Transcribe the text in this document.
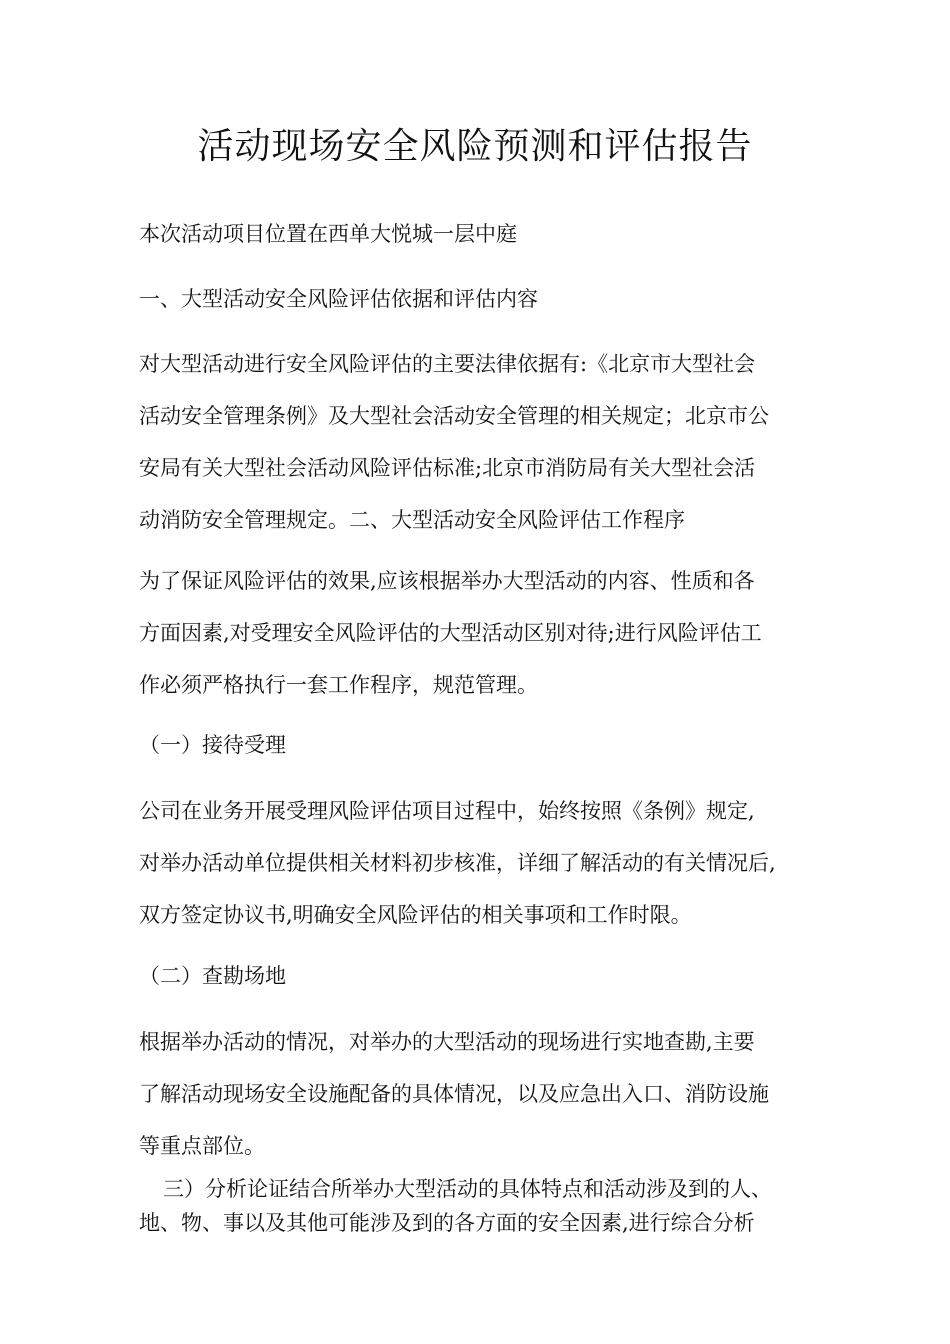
活动现场安全风险预测和评估报告

本次活动项目位置在西单大悦城一层中庭

一、大型活动安全风险评估依据和评估内容

对大型活动进行安全风险评估的主要法律依据有:《北京市大型社会
活动安全管理条例》及大型社会活动安全管理的相关规定；北京市公
安局有关大型社会活动风险评估标准;北京市消防局有关大型社会活
动消防安全管理规定。二、大型活动安全风险评估工作程序

为了保证风险评估的效果,应该根据举办大型活动的内容、性质和各
方面因素,对受理安全风险评估的大型活动区别对待;进行风险评估工
作必须严格执行一套工作程序，规范管理。

（一）接待受理

公司在业务开展受理风险评估项目过程中，始终按照《条例》规定,
对举办活动单位提供相关材料初步核准，详细了解活动的有关情况后,
双方签定协议书,明确安全风险评估的相关事项和工作时限。

（二）查勘场地

根据举办活动的情况，对举办的大型活动的现场进行实地查勘,主要
了解活动现场安全设施配备的具体情况，以及应急出入口、消防设施
等重点部位。

三）分析论证结合所举办大型活动的具体特点和活动涉及到的人、
地、物、事以及其他可能涉及到的各方面的安全因素,进行综合分析
